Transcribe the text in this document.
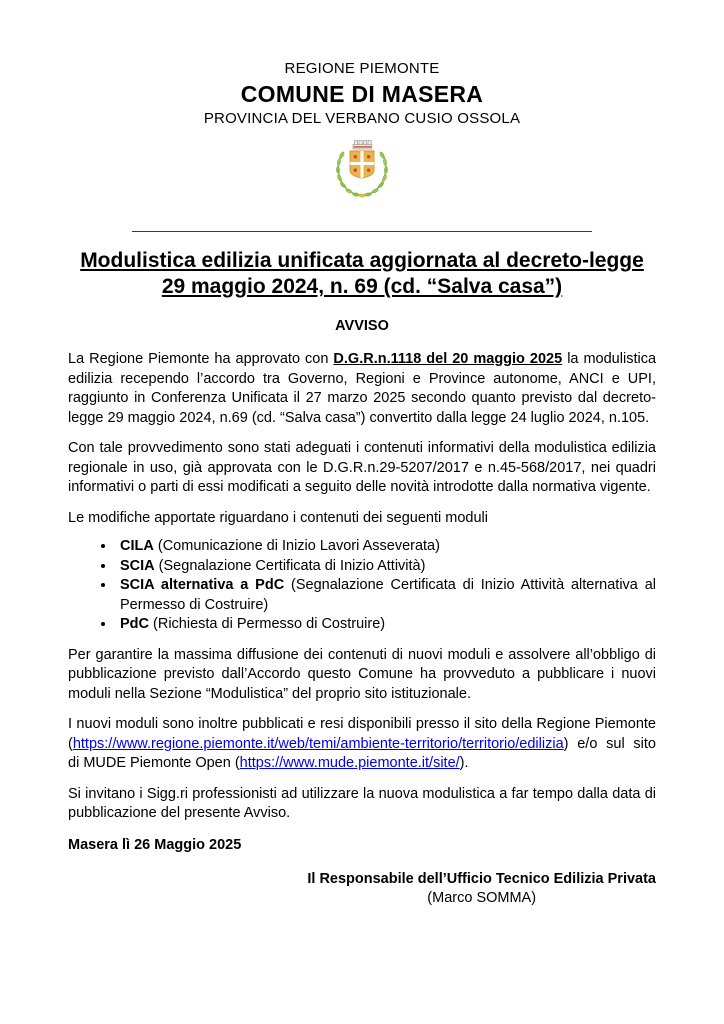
REGIONE PIEMONTE
COMUNE DI MASERA
PROVINCIA DEL VERBANO CUSIO OSSOLA
Modulistica edilizia unificata aggiornata al decreto-legge 29 maggio 2024, n. 69 (cd. “Salva casa”)
AVVISO

La Regione Piemonte ha approvato con D.G.R.n.1118 del 20 maggio 2025 la modulistica edilizia recependo l’accordo tra Governo, Regioni e Province autonome, ANCI e UPI, raggiunto in Conferenza Unificata il 27 marzo 2025 secondo quanto previsto dal decreto-legge 29 maggio 2024, n.69 (cd. “Salva casa”) convertito dalla legge 24 luglio 2024, n.105.

Con tale provvedimento sono stati adeguati i contenuti informativi della modulistica edilizia regionale in uso, già approvata con le D.G.R.n.29-5207/2017 e n.45-568/2017, nei quadri informativi o parti di essi modificati a seguito delle novità introdotte dalla normativa vigente.

Le modifiche apportate riguardano i contenuti dei seguenti moduli

• CILA (Comunicazione di Inizio Lavori Asseverata)
• SCIA (Segnalazione Certificata di Inizio Attività)
• SCIA alternativa a PdC (Segnalazione Certificata di Inizio Attività alternativa al Permesso di Costruire)
• PdC (Richiesta di Permesso di Costruire)

Per garantire la massima diffusione dei contenuti di nuovi moduli e assolvere all’obbligo di pubblicazione previsto dall’Accordo questo Comune ha provveduto a pubblicare i nuovi moduli nella Sezione “Modulistica” del proprio sito istituzionale.

I nuovi moduli sono inoltre pubblicati e resi disponibili presso il sito della Regione Piemonte (https://www.regione.piemonte.it/web/temi/ambiente-territorio/territorio/edilizia) e/o sul sito di MUDE Piemonte Open (https://www.mude.piemonte.it/site/).

Si invitano i Sigg.ri professionisti ad utilizzare la nuova modulistica a far tempo dalla data di pubblicazione del presente Avviso.

Masera lì 26 Maggio 2025

Il Responsabile dell’Ufficio Tecnico Edilizia Privata
(Marco SOMMA)
